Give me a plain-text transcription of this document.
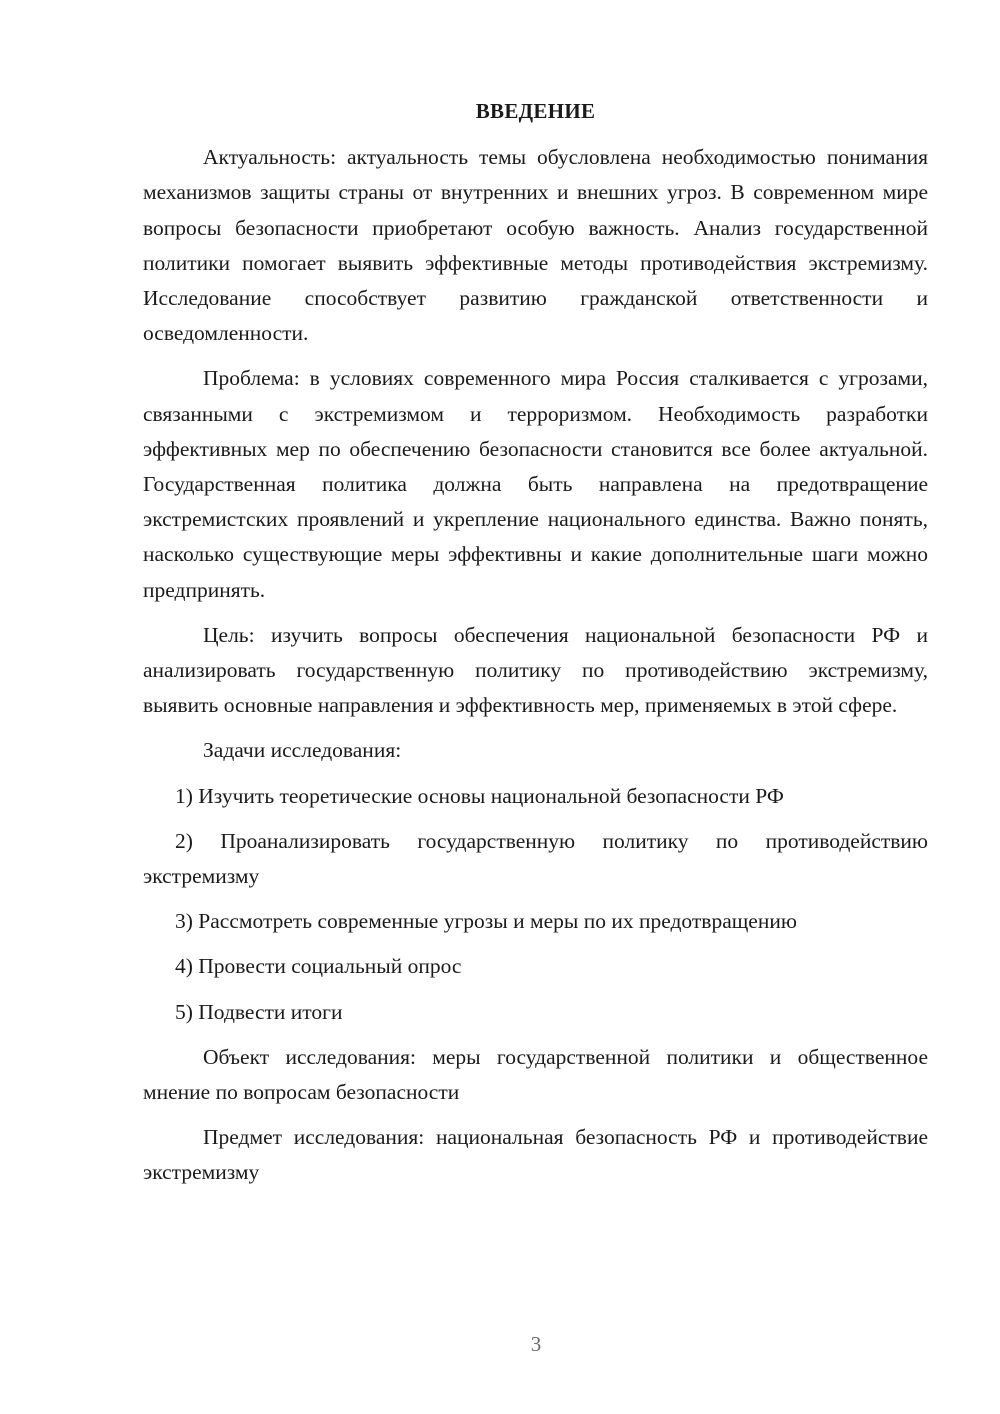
ВВЕДЕНИЕ

Актуальность: актуальность темы обусловлена необходимостью понимания механизмов защиты страны от внутренних и внешних угроз. В современном мире вопросы безопасности приобретают особую важность. Анализ государственной политики помогает выявить эффективные методы противодействия экстремизму. Исследование способствует развитию гражданской ответственности и осведомленности.

Проблема: в условиях современного мира Россия сталкивается с угрозами, связанными с экстремизмом и терроризмом. Необходимость разработки эффективных мер по обеспечению безопасности становится все более актуальной. Государственная политика должна быть направлена на предотвращение экстремистских проявлений и укрепление национального единства. Важно понять, насколько существующие меры эффективны и какие дополнительные шаги можно предпринять.

Цель: изучить вопросы обеспечения национальной безопасности РФ и анализировать государственную политику по противодействию экстремизму, выявить основные направления и эффективность мер, применяемых в этой сфере.

Задачи исследования:

1) Изучить теоретические основы национальной безопасности РФ

2) Проанализировать государственную политику по противодействию экстремизму

3) Рассмотреть современные угрозы и меры по их предотвращению

4) Провести социальный опрос

5) Подвести итоги

Объект исследования: меры государственной политики и общественное мнение по вопросам безопасности

Предмет исследования: национальная безопасность РФ и противодействие экстремизму

3
